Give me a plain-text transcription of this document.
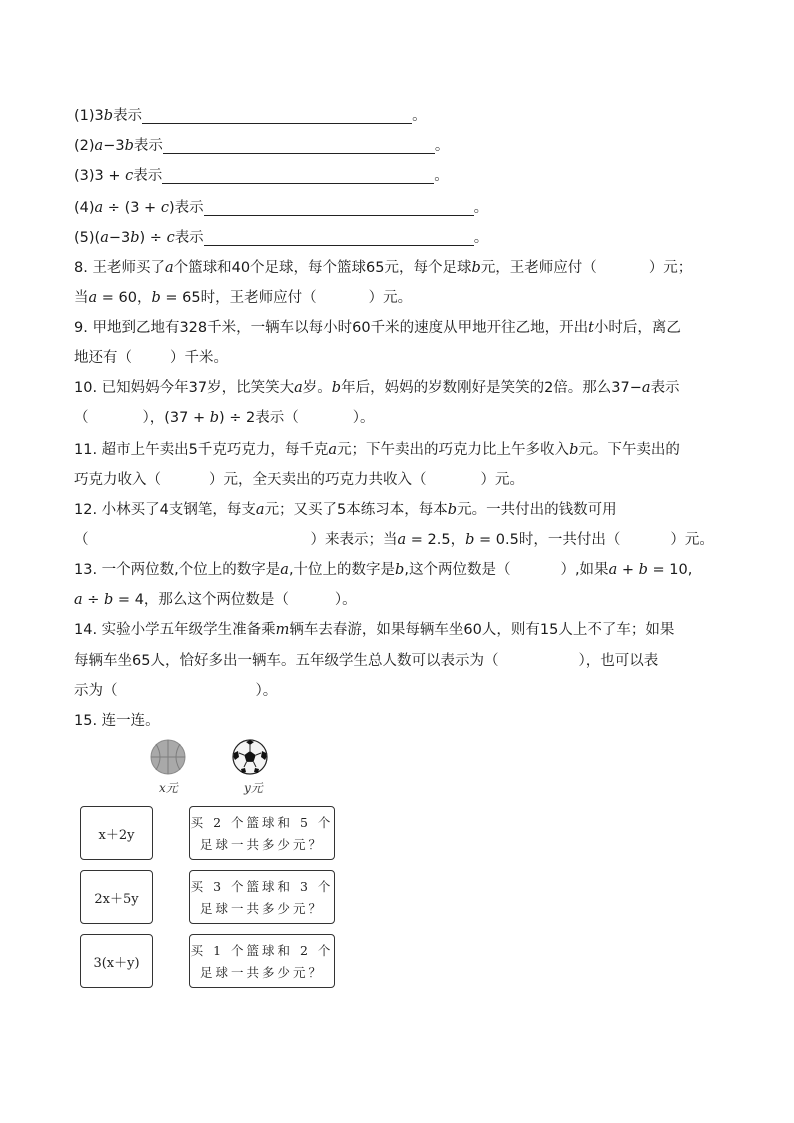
(1)3b表示	。
(2)a−3b表示	。
(3)3 + c表示	。
(4)a ÷ (3 + c)表示	。
(5)(a−3b) ÷ c表示	。
8. 王老师买了a个篮球和40个足球，每个篮球65元，每个足球b元，王老师应付（	）元；
当a = 60，b = 65时，王老师应付（	）元。
9. 甲地到乙地有328千米，一辆车以每小时60千米的速度从甲地开往乙地，开出t小时后，离乙
地还有（	）千米。
10. 已知妈妈今年37岁，比笑笑大a岁。b年后，妈妈的岁数刚好是笑笑的2倍。那么37−a表示
（	），(37 + b) ÷ 2表示（	）。
11. 超市上午卖出5千克巧克力，每千克a元；下午卖出的巧克力比上午多收入b元。下午卖出的
巧克力收入（	）元，全天卖出的巧克力共收入（	）元。
12. 小林买了4支钢笔，每支a元；又买了5本练习本，每本b元。一共付出的钱数可用
（	）来表示；当a = 2.5，b = 0.5时，一共付出（	）元。
13. 一个两位数,个位上的数字是a,十位上的数字是b,这个两位数是（	）,如果a + b = 10,
a ÷ b = 4，那么这个两位数是（	）。
14. 实验小学五年级学生准备乘m辆车去春游，如果每辆车坐60人，则有15人上不了车；如果
每辆车坐65人，恰好多出一辆车。五年级学生总人数可以表示为（	），也可以表
示为（	）。
15. 连一连。
x元	y元
x＋2y
2x＋5y
3(x＋y)
买 2 个篮球和 5 个
足球一共多少元？
买 3 个篮球和 3 个
足球一共多少元？
买 1 个篮球和 2 个
足球一共多少元？
